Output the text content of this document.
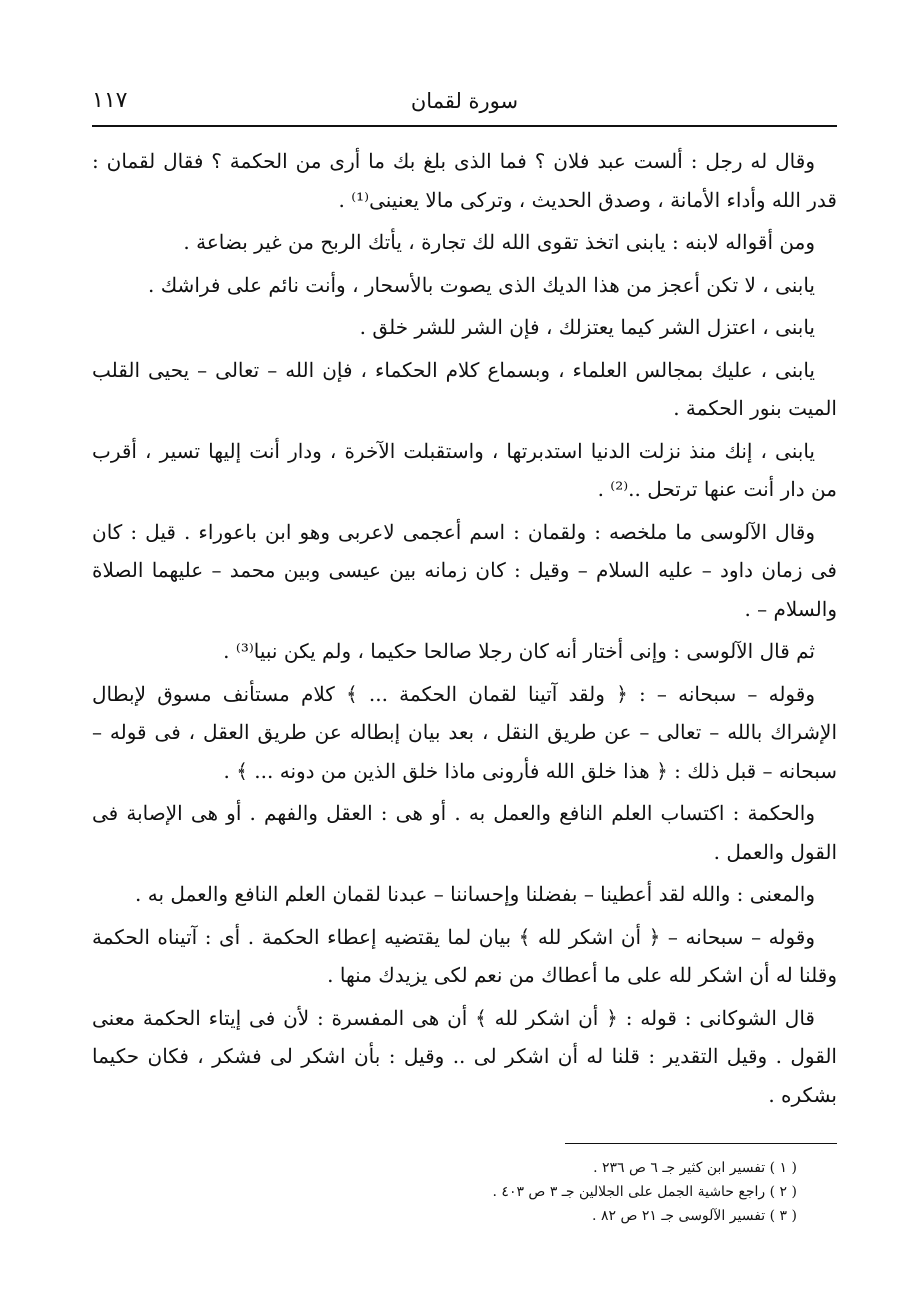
١١٧	سورة لقمان

وقال له رجل : ألست عبد فلان ؟ فما الذى بلغ بك ما أرى من الحكمة ؟ فقال لقمان : قدر الله وأداء الأمانة ، وصدق الحديث ، وتركى مالا يعنينى⁽¹⁾ .

ومن أقواله لابنه : يابنى اتخذ تقوى الله لك تجارة ، يأتك الربح من غير بضاعة .

يابنى ، لا تكن أعجز من هذا الديك الذى يصوت بالأسحار ، وأنت نائم على فراشك .

يابنى ، اعتزل الشر كيما يعتزلك ، فإن الشر للشر خلق .

يابنى ، عليك بمجالس العلماء ، وبسماع كلام الحكماء ، فإن الله – تعالى – يحيى القلب الميت بنور الحكمة .

يابنى ، إنك منذ نزلت الدنيا استدبرتها ، واستقبلت الآخرة ، ودار أنت إليها تسير ، أقرب من دار أنت عنها ترتحل ..⁽²⁾ .

وقال الآلوسى ما ملخصه : ولقمان : اسم أعجمى لاعربى وهو ابن باعوراء . قيل : كان فى زمان داود – عليه السلام – وقيل : كان زمانه بين عيسى وبين محمد – عليهما الصلاة والسلام – .

ثم قال الآلوسى : وإنى أختار أنه كان رجلا صالحا حكيما ، ولم يكن نبيا⁽³⁾ .

وقوله – سبحانه – : ﴿ ولقد آتينا لقمان الحكمة ... ﴾ كلام مستأنف مسوق لإبطال الإشراك بالله – تعالى – عن طريق النقل ، بعد بيان إبطاله عن طريق العقل ، فى قوله – سبحانه – قبل ذلك : ﴿ هذا خلق الله فأرونى ماذا خلق الذين من دونه ... ﴾ .

والحكمة : اكتساب العلم النافع والعمل به . أو هى : العقل والفهم . أو هى الإصابة فى القول والعمل .

والمعنى : والله لقد أعطينا – بفضلنا وإحساننا – عبدنا لقمان العلم النافع والعمل به .

وقوله – سبحانه – ﴿ أن اشكر لله ﴾ بيان لما يقتضيه إعطاء الحكمة . أى : آتيناه الحكمة وقلنا له أن اشكر لله على ما أعطاك من نعم لكى يزيدك منها .

قال الشوكانى : قوله : ﴿ أن اشكر لله ﴾ أن هى المفسرة : لأن فى إيتاء الحكمة معنى القول . وقيل التقدير : قلنا له أن اشكر لى .. وقيل : بأن اشكر لى فشكر ، فكان حكيما بشكره .

( ١ ) تفسير ابن كثير جـ ٦ ص ٢٣٦ .

( ٢ ) راجع حاشية الجمل على الجلالين جـ ٣ ص ٤٠٣ .

( ٣ ) تفسير الآلوسى جـ ٢١ ص ٨٢ .
